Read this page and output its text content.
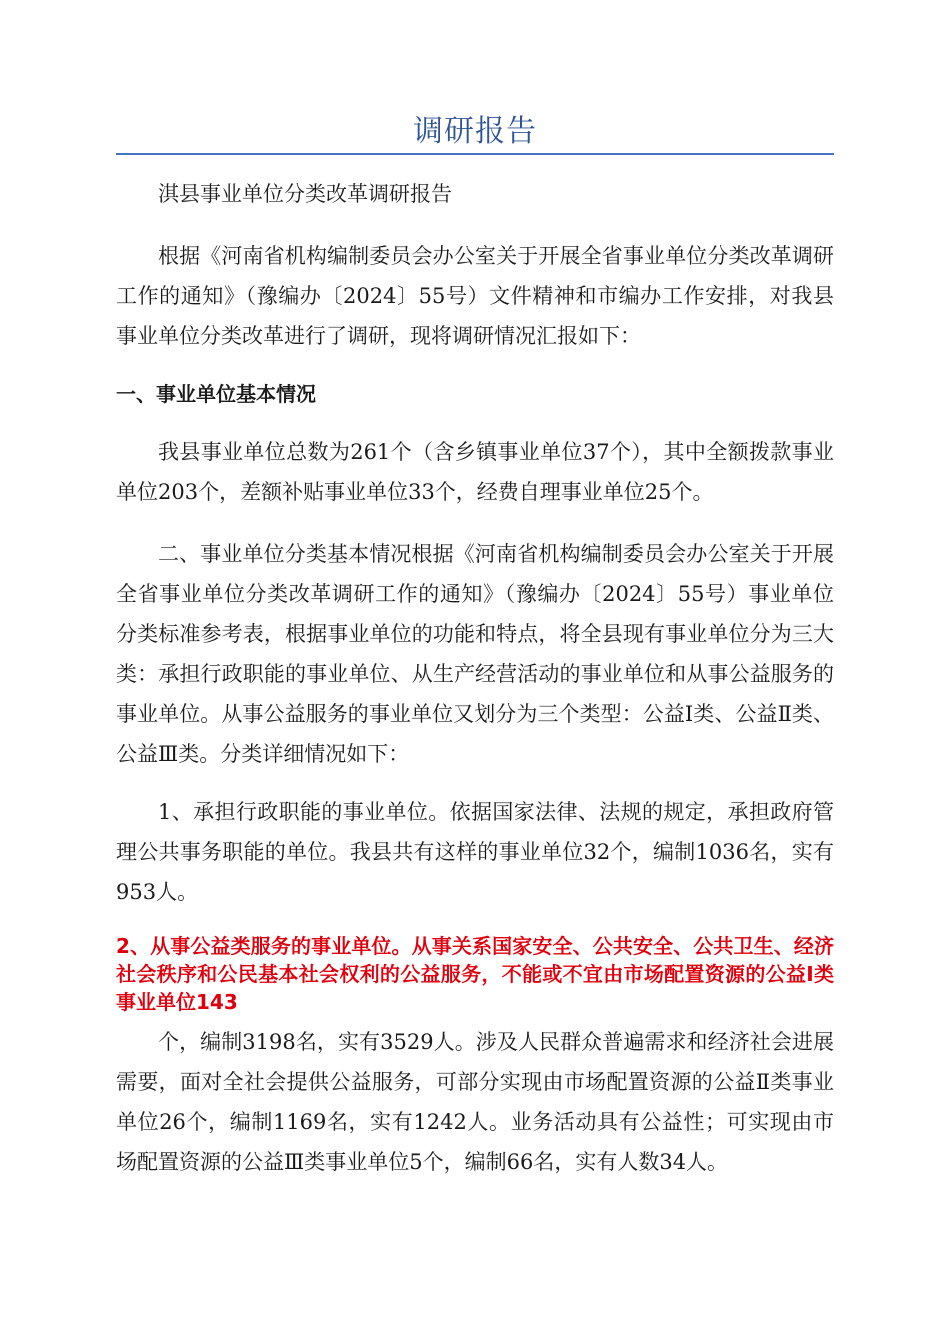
调研报告

淇县事业单位分类改革调研报告

根据《河南省机构编制委员会办公室关于开展全省事业单位分类改革调研工作的通知》（豫编办〔2024〕55号）文件精神和市编办工作安排，对我县事业单位分类改革进行了调研，现将调研情况汇报如下：

一、事业单位基本情况

我县事业单位总数为261个（含乡镇事业单位37个），其中全额拨款事业单位203个，差额补贴事业单位33个，经费自理事业单位25个。

二、事业单位分类基本情况根据《河南省机构编制委员会办公室关于开展全省事业单位分类改革调研工作的通知》（豫编办〔2024〕55号）事业单位分类标准参考表，根据事业单位的功能和特点，将全县现有事业单位分为三大类：承担行政职能的事业单位、从生产经营活动的事业单位和从事公益服务的事业单位。从事公益服务的事业单位又划分为三个类型：公益Ⅰ类、公益Ⅱ类、公益Ⅲ类。分类详细情况如下：

1、承担行政职能的事业单位。依据国家法律、法规的规定，承担政府管理公共事务职能的单位。我县共有这样的事业单位32个，编制1036名，实有953人。

2、从事公益类服务的事业单位。从事关系国家安全、公共安全、公共卫生、经济社会秩序和公民基本社会权利的公益服务，不能或不宜由市场配置资源的公益Ⅰ类事业单位143

个，编制3198名，实有3529人。涉及人民群众普遍需求和经济社会进展需要，面对全社会提供公益服务，可部分实现由市场配置资源的公益Ⅱ类事业单位26个，编制1169名，实有1242人。业务活动具有公益性；可实现由市场配置资源的公益Ⅲ类事业单位5个，编制66名，实有人数34人。
